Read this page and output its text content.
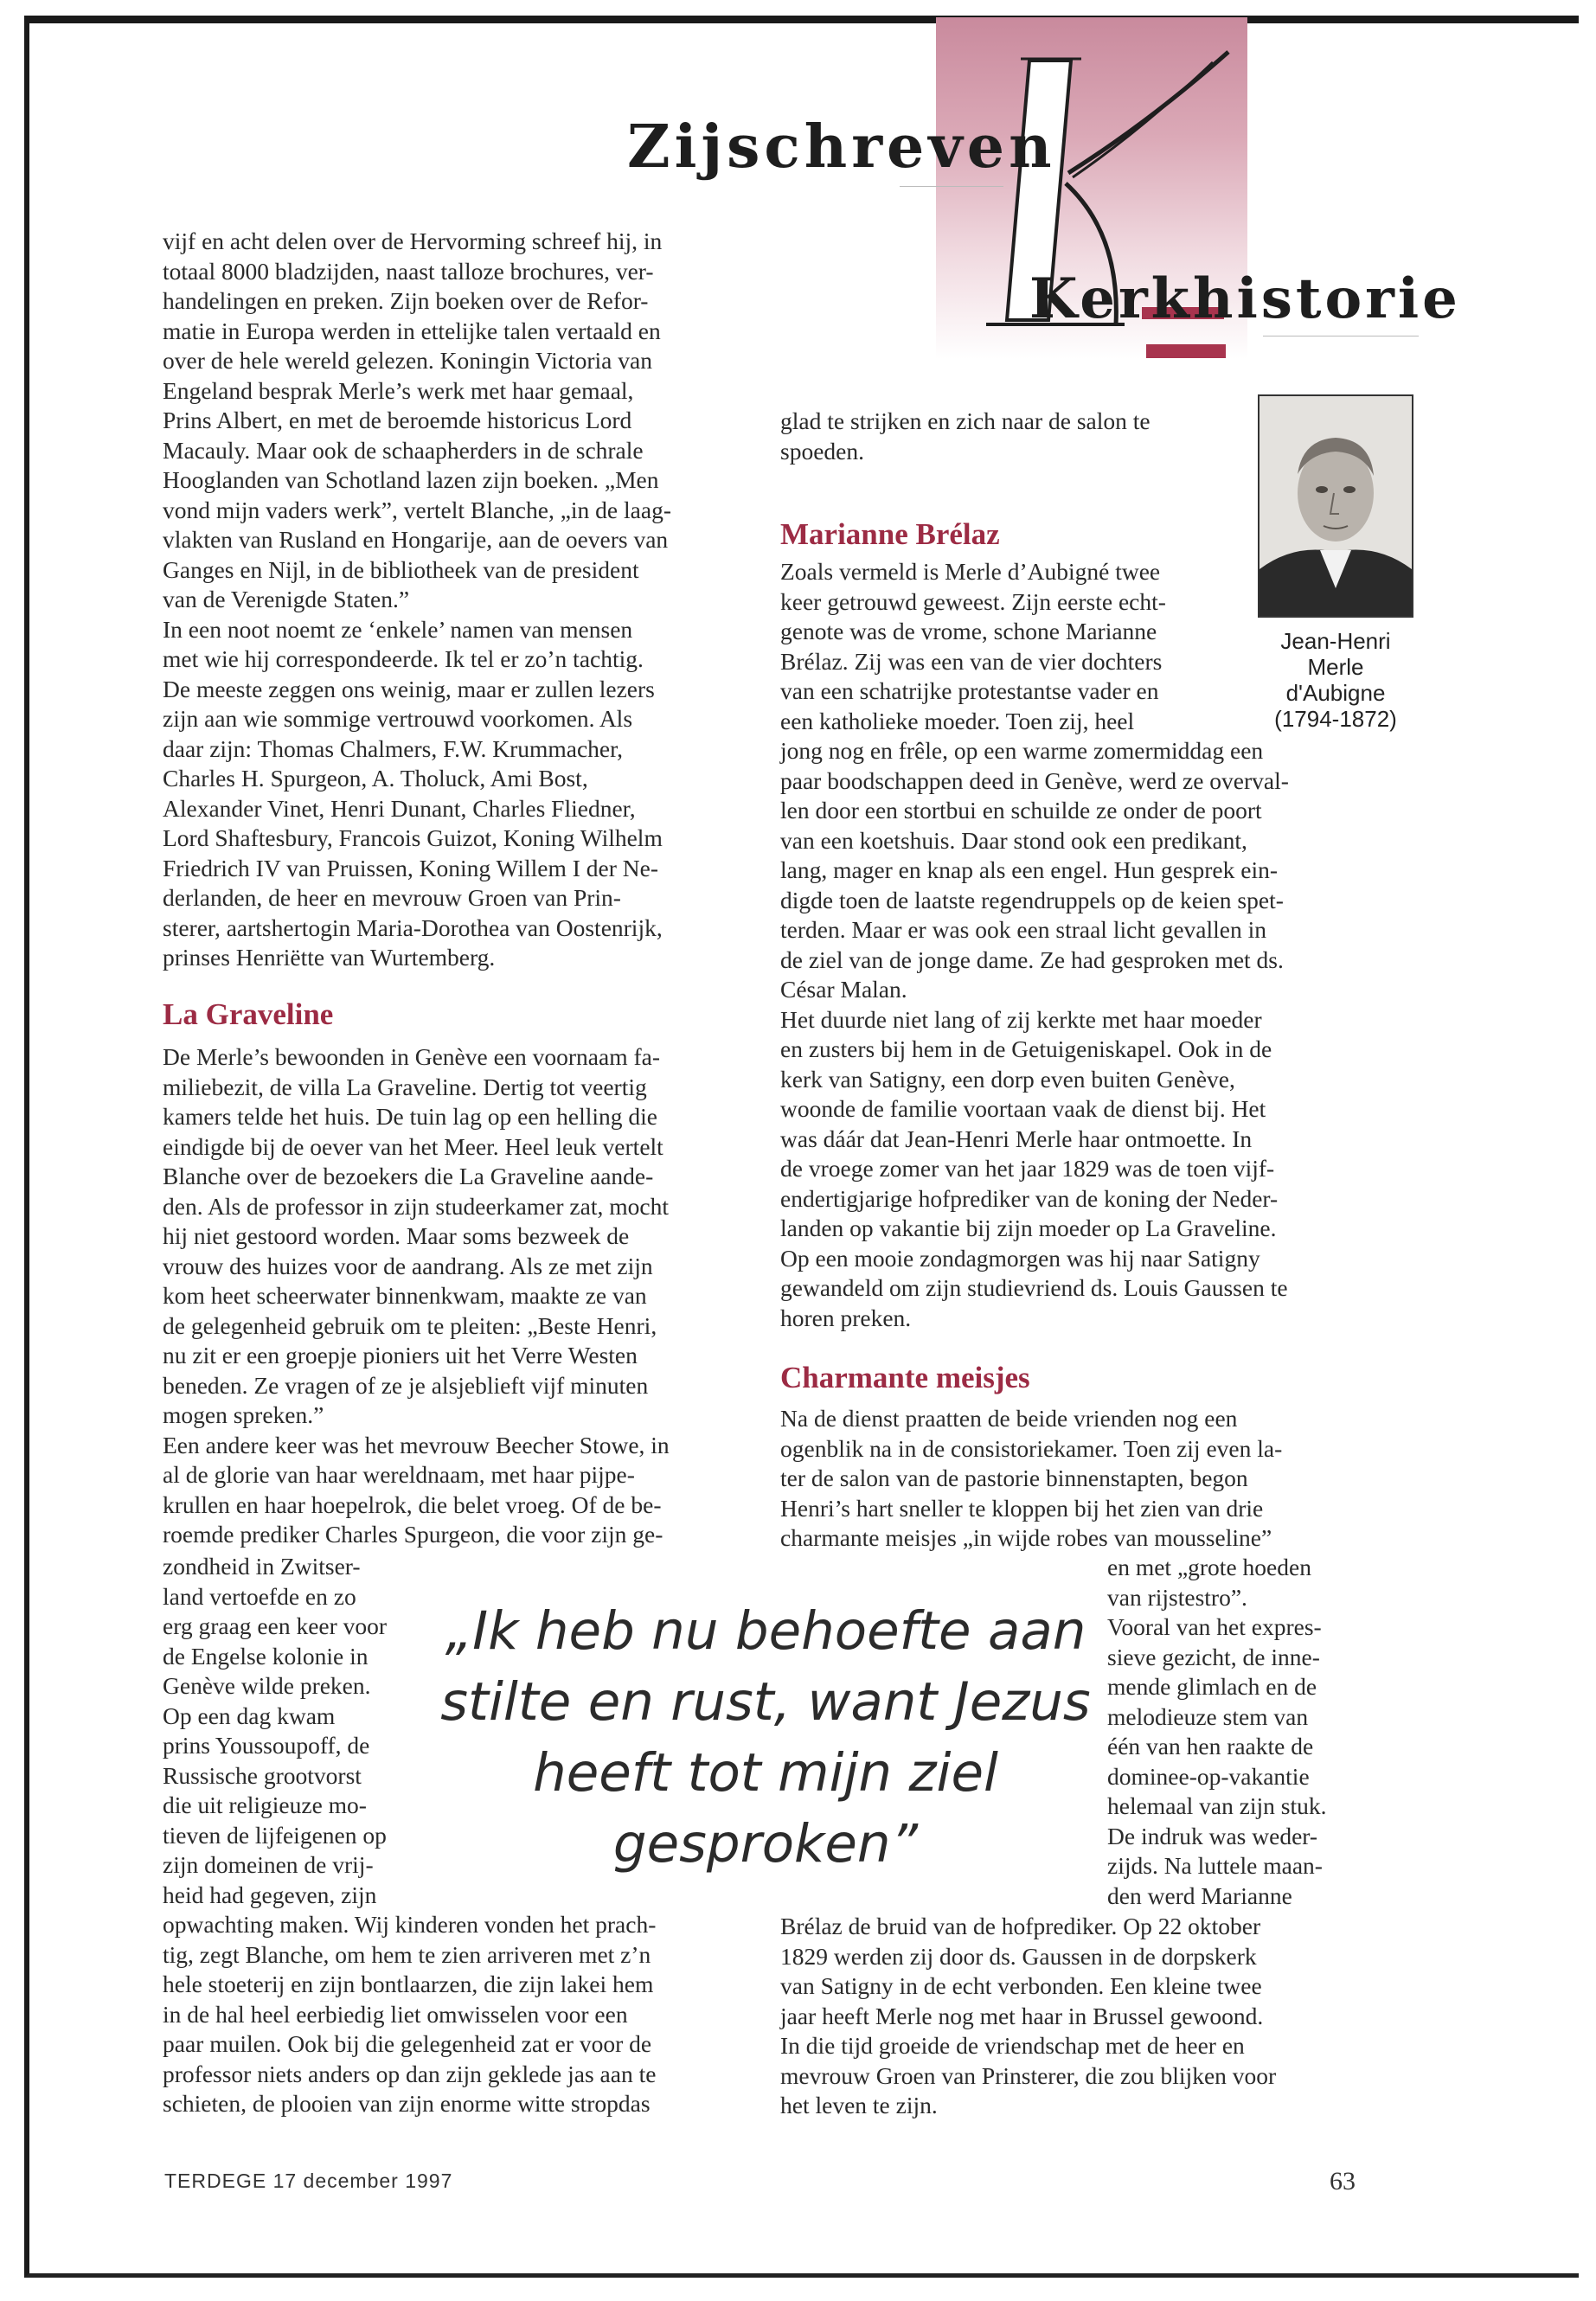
Zijschreven
Kerkhistorie

vijf en acht delen over de Hervorming schreef hij, in

totaal 8000 bladzijden, naast talloze brochures, ver-

handelingen en preken. Zijn boeken over de Refor-

matie in Europa werden in ettelijke talen vertaald en

over de hele wereld gelezen. Koningin Victoria van

Engeland besprak Merle’s werk met haar gemaal,

Prins Albert, en met de beroemde historicus Lord

Macauly. Maar ook de schaapherders in de schrale

Hooglanden van Schotland lazen zijn boeken. „Men

vond mijn vaders werk”, vertelt Blanche, „in de laag-

vlakten van Rusland en Hongarije, aan de oevers van

Ganges en Nijl, in de bibliotheek van de president

van de Verenigde Staten.”

In een noot noemt ze ‘enkele’ namen van mensen

met wie hij correspondeerde. Ik tel er zo’n tachtig.

De meeste zeggen ons weinig, maar er zullen lezers

zijn aan wie sommige vertrouwd voorkomen. Als

daar zijn: Thomas Chalmers, F.W. Krummacher,

Charles H. Spurgeon, A. Tholuck, Ami Bost,

Alexander Vinet, Henri Dunant, Charles Fliedner,

Lord Shaftesbury, Francois Guizot, Koning Wilhelm

Friedrich IV van Pruissen, Koning Willem I der Ne-

derlanden, de heer en mevrouw Groen van Prin-

sterer, aartshertogin Maria-Dorothea van Oostenrijk,

prinses Henriëtte van Wurtemberg.

La Graveline

De Merle’s bewoonden in Genève een voornaam fa-

miliebezit, de villa La Graveline. Dertig tot veertig

kamers telde het huis. De tuin lag op een helling die

eindigde bij de oever van het Meer. Heel leuk vertelt

Blanche over de bezoekers die La Graveline aande-

den. Als de professor in zijn studeerkamer zat, mocht

hij niet gestoord worden. Maar soms bezweek de

vrouw des huizes voor de aandrang. Als ze met zijn

kom heet scheerwater binnenkwam, maakte ze van

de gelegenheid gebruik om te pleiten: „Beste Henri,

nu zit er een groepje pioniers uit het Verre Westen

beneden. Ze vragen of ze je alsjeblieft vijf minuten

mogen spreken.”

Een andere keer was het mevrouw Beecher Stowe, in

al de glorie van haar wereldnaam, met haar pijpe-

krullen en haar hoepelrok, die belet vroeg. Of de be-

roemde prediker Charles Spurgeon, die voor zijn ge-

zondheid in Zwitser-

land vertoefde en zo

erg graag een keer voor

de Engelse kolonie in

Genève wilde preken.

Op een dag kwam

prins Youssoupoff, de

Russische grootvorst

die uit religieuze mo-

tieven de lijfeigenen op

zijn domeinen de vrij-

heid had gegeven, zijn

opwachting maken. Wij kinderen vonden het prach-

tig, zegt Blanche, om hem te zien arriveren met z’n

hele stoeterij en zijn bontlaarzen, die zijn lakei hem

in de hal heel eerbiedig liet omwisselen voor een

paar muilen. Ook bij die gelegenheid zat er voor de

professor niets anders op dan zijn geklede jas aan te

schieten, de plooien van zijn enorme witte stropdas

glad te strijken en zich naar de salon te

spoeden.

Marianne Brélaz
Jean-Henri
Merle
d'Aubigne
(1794-1872)

Zoals vermeld is Merle d’Aubigné twee

keer getrouwd geweest. Zijn eerste echt-

genote was de vrome, schone Marianne

Brélaz. Zij was een van de vier dochters

van een schatrijke protestantse vader en

een katholieke moeder. Toen zij, heel

jong nog en frêle, op een warme zomermiddag een

paar boodschappen deed in Genève, werd ze overval-

len door een stortbui en schuilde ze onder de poort

van een koetshuis. Daar stond ook een predikant,

lang, mager en knap als een engel. Hun gesprek ein-

digde toen de laatste regendruppels op de keien spet-

terden. Maar er was ook een straal licht gevallen in

de ziel van de jonge dame. Ze had gesproken met ds.

César Malan.

Het duurde niet lang of zij kerkte met haar moeder

en zusters bij hem in de Getuigeniskapel. Ook in de

kerk van Satigny, een dorp even buiten Genève,

woonde de familie voortaan vaak de dienst bij. Het

was dáár dat Jean-Henri Merle haar ontmoette. In

de vroege zomer van het jaar 1829 was de toen vijf-

endertigjarige hofprediker van de koning der Neder-

landen op vakantie bij zijn moeder op La Graveline.

Op een mooie zondagmorgen was hij naar Satigny

gewandeld om zijn studievriend ds. Louis Gaussen te

horen preken.

Charmante meisjes

Na de dienst praatten de beide vrienden nog een

ogenblik na in de consistoriekamer. Toen zij even la-

ter de salon van de pastorie binnenstapten, begon

Henri’s hart sneller te kloppen bij het zien van drie

charmante meisjes „in wijde robes van mousseline”

en met „grote hoeden

van rijstestro”.

Vooral van het expres-

sieve gezicht, de inne-

mende glimlach en de

melodieuze stem van

één van hen raakte de

dominee-op-vakantie

helemaal van zijn stuk.

De indruk was weder-

zijds. Na luttele maan-

den werd Marianne

Brélaz de bruid van de hofprediker. Op 22 oktober

1829 werden zij door ds. Gaussen in de dorpskerk

van Satigny in de echt verbonden. Een kleine twee

jaar heeft Merle nog met haar in Brussel gewoond.

In die tijd groeide de vriendschap met de heer en

mevrouw Groen van Prinsterer, die zou blijken voor

het leven te zijn.

„Ik heb nu behoefte aan
stilte en rust, want Jezus
heeft tot mijn ziel
gesproken”
TERDEGE 17 december 1997	63
